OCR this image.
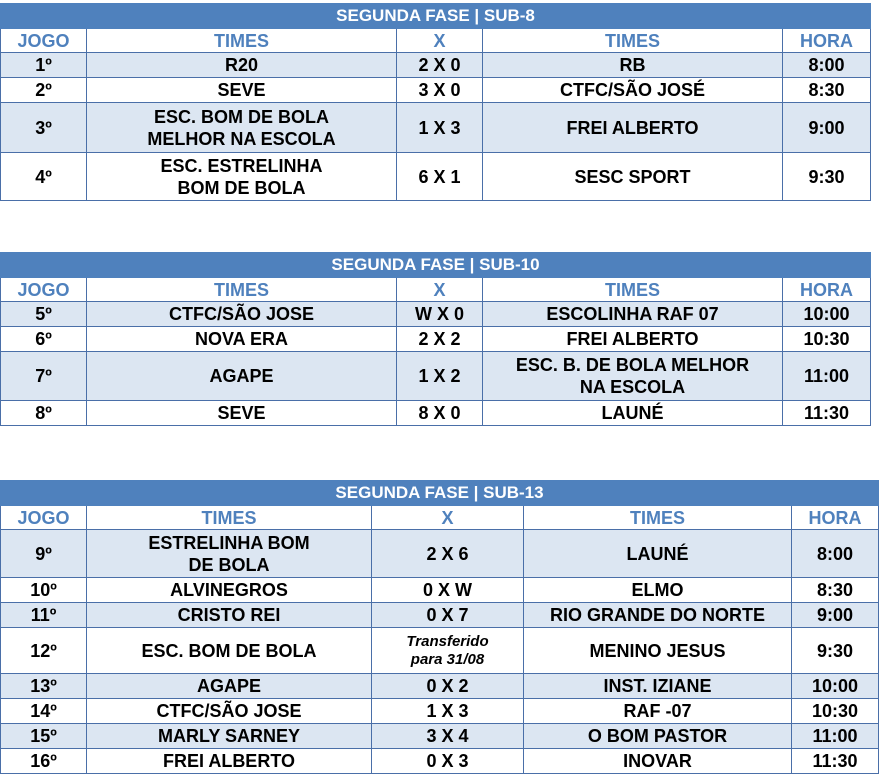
SEGUNDA FASE | SUB-8				
JOGO	TIMES	X	TIMES	HORA
1º	R20	2 X 0	RB	8:00
2º	SEVE	3 X 0	CTFC/SÃO JOSÉ	8:30
3º	ESC. BOM DE BOLA
MELHOR NA ESCOLA	1 X 3	FREI ALBERTO	9:00
4º	ESC. ESTRELINHA
BOM DE BOLA	6 X 1	SESC SPORT	9:30
SEGUNDA FASE | SUB-10				
JOGO	TIMES	X	TIMES	HORA
5º	CTFC/SÃO JOSE	W X 0	ESCOLINHA RAF 07	10:00
6º	NOVA ERA	2 X 2	FREI ALBERTO	10:30
7º	AGAPE	1 X 2	ESC. B. DE BOLA MELHOR
NA ESCOLA	11:00
8º	SEVE	8 X 0	LAUNÉ	11:30
SEGUNDA FASE | SUB-13				
JOGO	TIMES	X	TIMES	HORA
9º	ESTRELINHA BOM
DE BOLA	2 X 6	LAUNÉ	8:00
10º	ALVINEGROS	0 X W	ELMO	8:30
11º	CRISTO REI	0 X 7	RIO GRANDE DO NORTE	9:00
12º	ESC. BOM DE BOLA	Transferido
para 31/08	MENINO JESUS	9:30
13º	AGAPE	0 X 2	INST. IZIANE	10:00
14º	CTFC/SÃO JOSE	1 X 3	RAF -07	10:30
15º	MARLY SARNEY	3 X 4	O BOM PASTOR	11:00
16º	FREI ALBERTO	0 X 3	INOVAR	11:30
